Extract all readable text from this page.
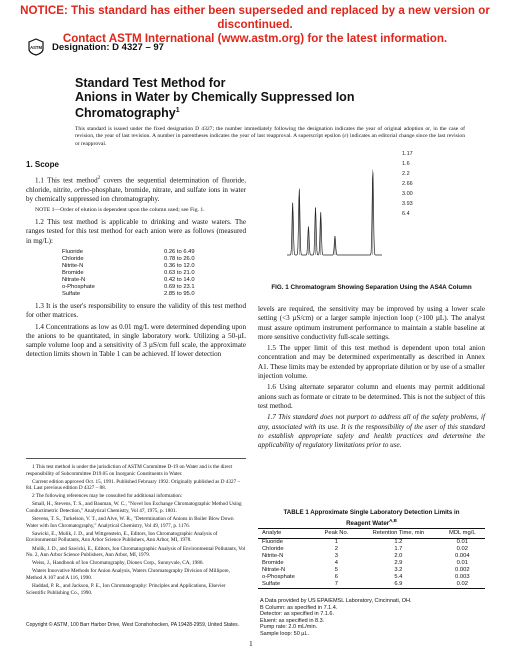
NOTICE: This standard has either been superseded and replaced by a new version or discontinued.
Contact ASTM International (www.astm.org) for the latest information.
ASTM Designation: D 4327 – 97
Standard Test Method for
Anions in Water by Chemically Suppressed Ion
Chromatography$^1$
This standard is issued under the fixed designation D 4327; the number immediately following the designation indicates the year of original adoption or, in the case of revision, the year of last revision. A number in parentheses indicates the year of last reapproval. A superscript epsilon (ε) indicates an editorial change since the last revision or reapproval.
1. Scope

1.1 This test method$^2$ covers the sequential determination of fluoride, chloride, nitrite, ortho-phosphate, bromide, nitrate, and sulfate ions in water by chemically suppressed ion chromatography.

NOTE 1—Order of elution is dependent upon the column used; see Fig. 1.

1.2 This test method is applicable to drinking and waste waters. The ranges tested for this test method for each anion were as follows (measured in mg/L):

Fluoride	0.26 to 6.49
Chloride	0.78 to 26.0
Nitrite-N	0.36 to 12.0
Bromide	0.63 to 21.0
Nitrate-N	0.42 to 14.0
o-Phosphate	0.69 to 23.1
Sulfate	2.85 to 95.0

1.3 It is the user's responsibility to ensure the validity of this test method for other matrices.

1.4 Concentrations as low as 0.01 mg/L were determined depending upon the anions to be quantitated, in single laboratory work. Utilizing a 50-µL sample volume loop and a sensitivity of 3 µS/cm full scale, the approximate detection limits shown in Table 1 can be achieved. If lower detection

1 This test method is under the jurisdiction of ASTM Committee D-19 on Water and is the direct responsibility of Subcommittee D19.05 on Inorganic Constituents in Water.

Current edition approved Oct. 15, 1991. Published February 1992. Originally published as D 4327 – 84. Last previous edition D 4327 – 88.

2 The following references may be consulted for additional information:

Small, H., Stevens, T. S., and Bauman, W. C., "Novel Ion Exchange Chromatographic Method Using Conductimetric Detection," Analytical Chemistry, Vol 47, 1975, p. 1801.

Stevens, T. S., Turkelson, V. T., and Alve, W. R., "Determination of Anions in Boiler Blow Down Water with Ion Chromatography," Analytical Chemistry, Vol 49, 1977, p. 1176.

Sawicki, E., Mulik, J. D., and Wittgenstein, E., Editors, Ion Chromatographic Analysis of Environmental Pollutants, Ann Arbor Science Publishers, Ann Arbor, MI, 1978.

Mulik, J. D., and Sawicki, E., Editors, Ion Chromatographic Analysis of Environmental Pollutants, Vol No. 2, Ann Arbor Science Publishers, Ann Arbor, MI, 1979.

Weiss, J., Handbook of Ion Chromatography, Dionex Corp., Sunnyvale, CA, 1986.

Waters Innovative Methods for Anion Analysis, Waters Chromatography Division of Millipore, Method A 107 and A 116, 1990.

Haddad, P. R., and Jackson, P. E., Ion Chromatography: Principles and Applications, Elsevier Scientific Publishing Co., 1990.

1.17
1.6
2.2
2.66
3.00
3.93
6.4
FIG. 1 Chromatogram Showing Separation Using the AS4A Column

levels are required, the sensitivity may be improved by using a lower scale setting (<3 µS/cm) or a larger sample injection loop (>100 µL). The analyst must assure optimum instrument performance to maintain a stable baseline at more sensitive conductivity full-scale settings.

1.5 The upper limit of this test method is dependent upon total anion concentration and may be determined experimentally as described in Annex A1. These limits may be extended by appropriate dilution or by use of a smaller injection volume.

1.6 Using alternate separator column and eluents may permit additional anions such as formate or citrate to be determined. This is not the subject of this test method.

1.7 This standard does not purport to address all of the safety problems, if any, associated with its use. It is the responsibility of the user of this standard to establish appropriate safety and health practices and determine the applicability of regulatory limitations prior to use.

TABLE 1 Approximate Single Laboratory Detection Limits in
Reagent Water$^{A,B}$
Analyte	Peak No.	Retention Time, min	MDL mg/L
Fluoride	1	1.2	0.01
Chloride	2	1.7	0.02
Nitrite-N	3	2.0	0.004
Bromide	4	2.9	0.01
Nitrate-N	5	3.2	0.002
o-Phosphate	6	5.4	0.003
Sulfate	7	6.9	0.02
A Data provided by US EPA/EMSL Laboratory, Cincinnati, OH.
B Column: as specified in 7.1.4.
Detector: as specified in 7.1.6.
Eluent: as specified in 8.3.
Pump rate: 2.0 mL/min.
Sample loop: 50 µL.
Copyright © ASTM, 100 Barr Harbor Drive, West Conshohocken, PA 19428-2959, United States.
1
